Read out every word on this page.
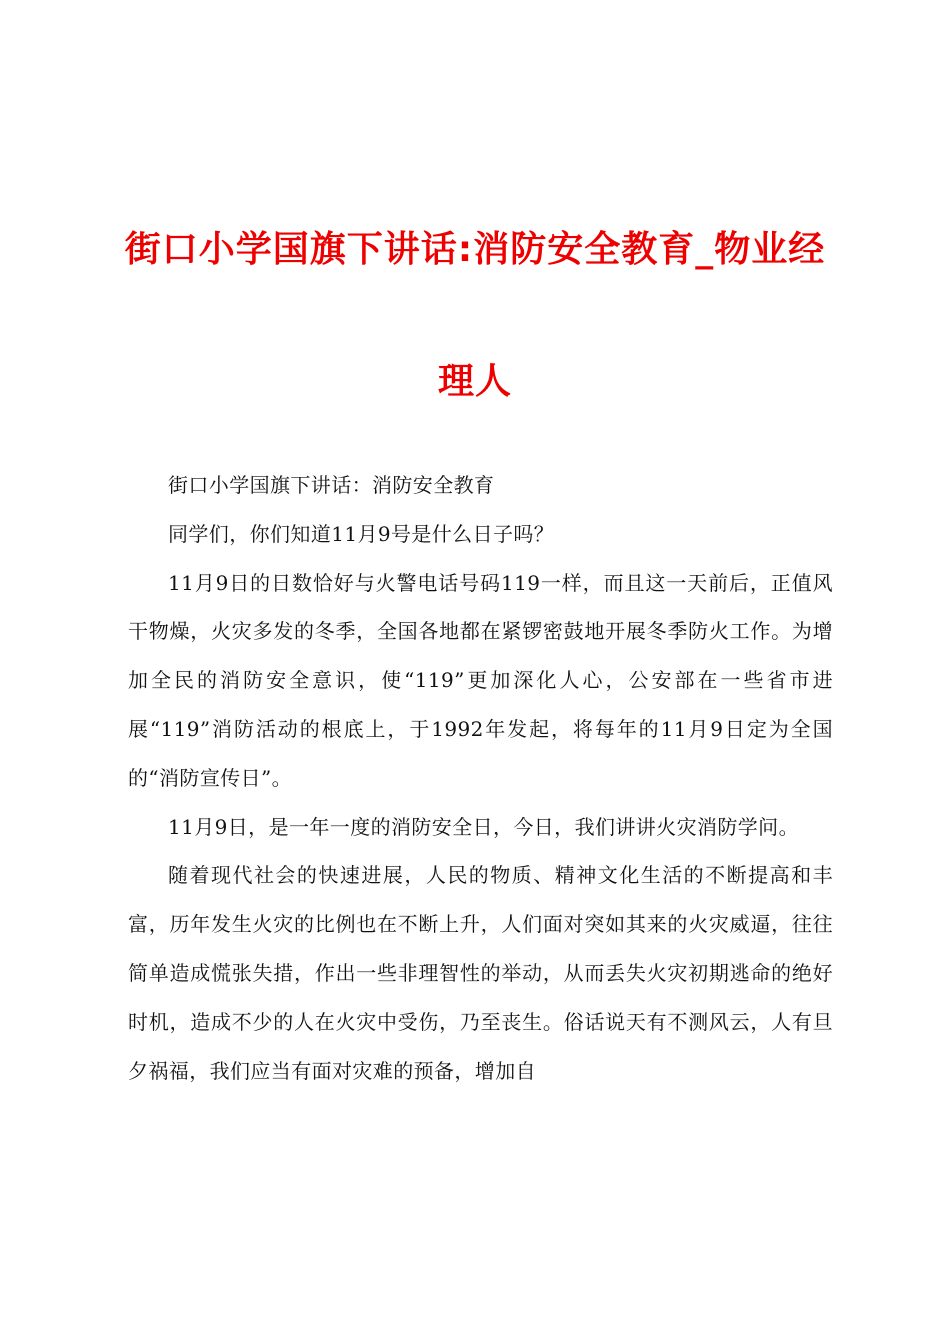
街口小学国旗下讲话:消防安全教育_物业经理人

街口小学国旗下讲话：消防安全教育

同学们，你们知道11月9号是什么日子吗？

11月9日的日数恰好与火警电话号码119一样，而且这一天前后，正值风干物燥，火灾多发的冬季，全国各地都在紧锣密鼓地开展冬季防火工作。为增加全民的消防安全意识，使“119”更加深化人心，公安部在一些省市进展“119”消防活动的根底上，于1992年发起，将每年的11月9日定为全国的“消防宣传日”。

11月9日，是一年一度的消防安全日，今日，我们讲讲火灾消防学问。

随着现代社会的快速进展，人民的物质、精神文化生活的不断提高和丰富，历年发生火灾的比例也在不断上升，人们面对突如其来的火灾威逼，往往简单造成慌张失措，作出一些非理智性的举动，从而丢失火灾初期逃命的绝好时机，造成不少的人在火灾中受伤，乃至丧生。俗话说天有不测风云，人有旦夕祸福，我们应当有面对灾难的预备，增加自
